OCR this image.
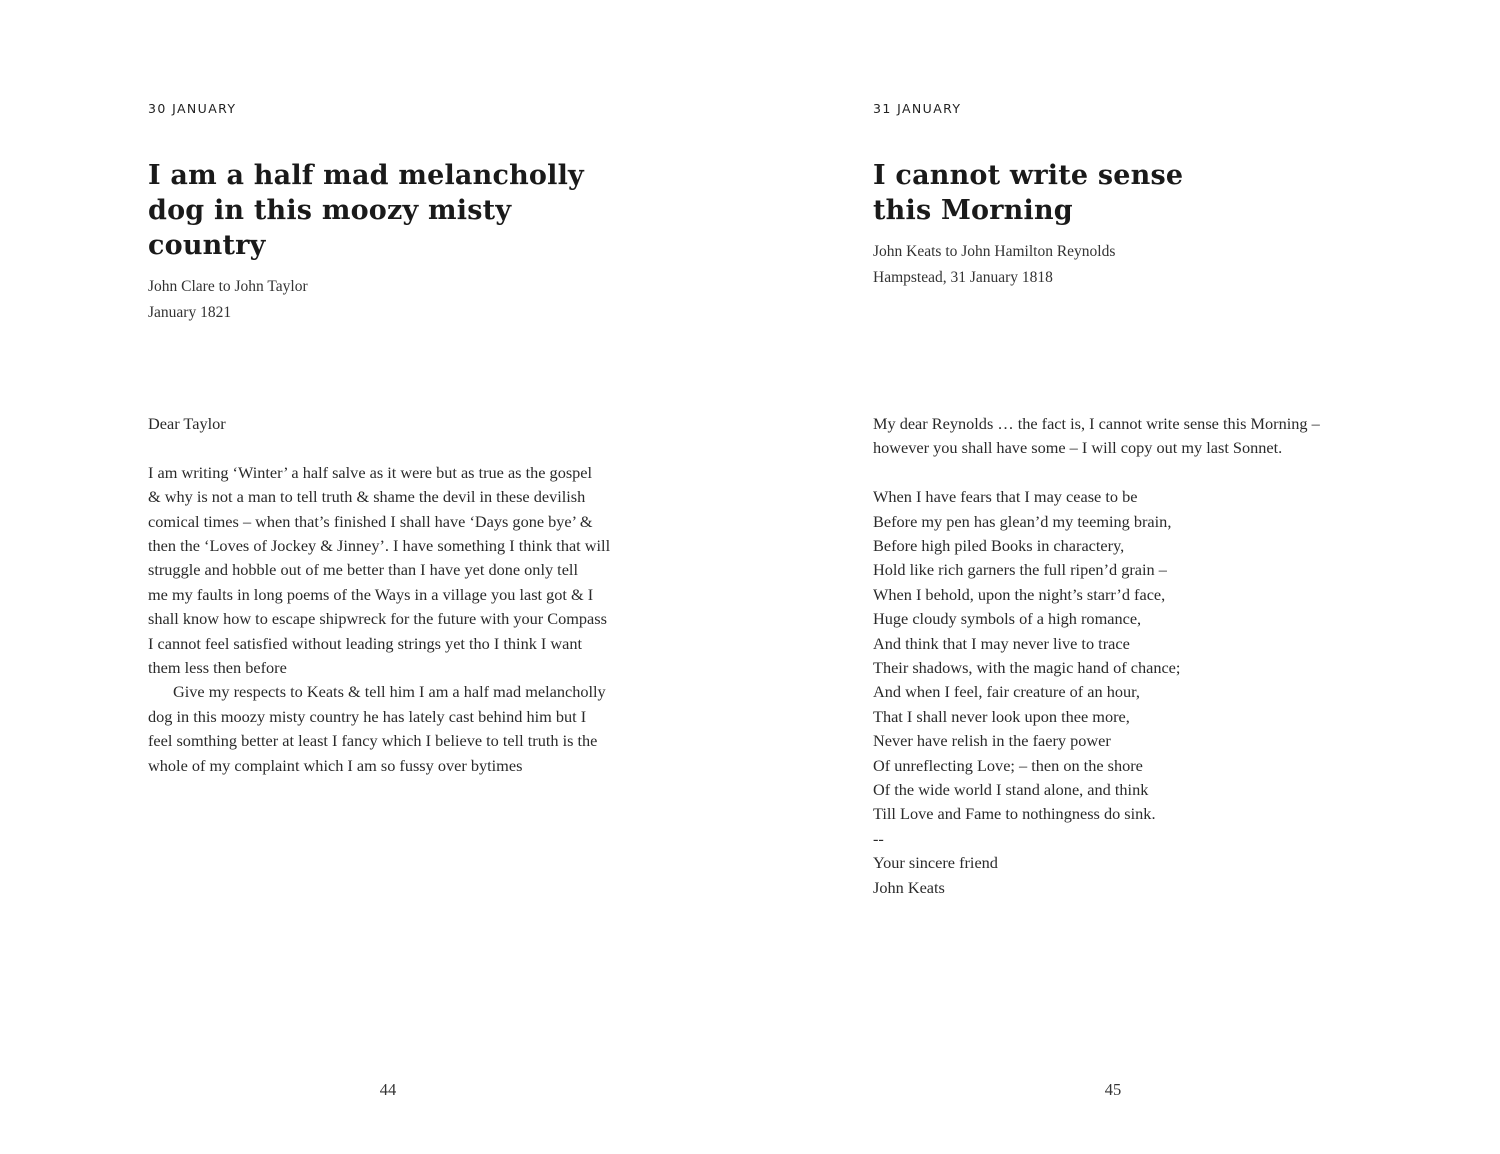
30 JANUARY
I am a half mad melancholly
dog in this moozy misty
country
John Clare to John Taylor
January 1821
Dear Taylor
I am writing ‘Winter’ a half salve as it were but as true as the gospel
& why is not a man to tell truth & shame the devil in these devilish
comical times – when that’s finished I shall have ‘Days gone bye’ &
then the ‘Loves of Jockey & Jinney’. I have something I think that will
struggle and hobble out of me better than I have yet done only tell
me my faults in long poems of the Ways in a village you last got & I
shall know how to escape shipwreck for the future with your Compass
I cannot feel satisfied without leading strings yet tho I think I want
them less then before
Give my respects to Keats & tell him I am a half mad melancholly
dog in this moozy misty country he has lately cast behind him but I
feel somthing better at least I fancy which I believe to tell truth is the
whole of my complaint which I am so fussy over bytimes
44
31 JANUARY
I cannot write sense
this Morning
John Keats to John Hamilton Reynolds
Hampstead, 31 January 1818
My dear Reynolds … the fact is, I cannot write sense this Morning –
however you shall have some – I will copy out my last Sonnet.
When I have fears that I may cease to be
Before my pen has glean’d my teeming brain,
Before high piled Books in charactery,
Hold like rich garners the full ripen’d grain –
When I behold, upon the night’s starr’d face,
Huge cloudy symbols of a high romance,
And think that I may never live to trace
Their shadows, with the magic hand of chance;
And when I feel, fair creature of an hour,
That I shall never look upon thee more,
Never have relish in the faery power
Of unreflecting Love; – then on the shore
Of the wide world I stand alone, and think
Till Love and Fame to nothingness do sink.
--
Your sincere friend
John Keats
45
